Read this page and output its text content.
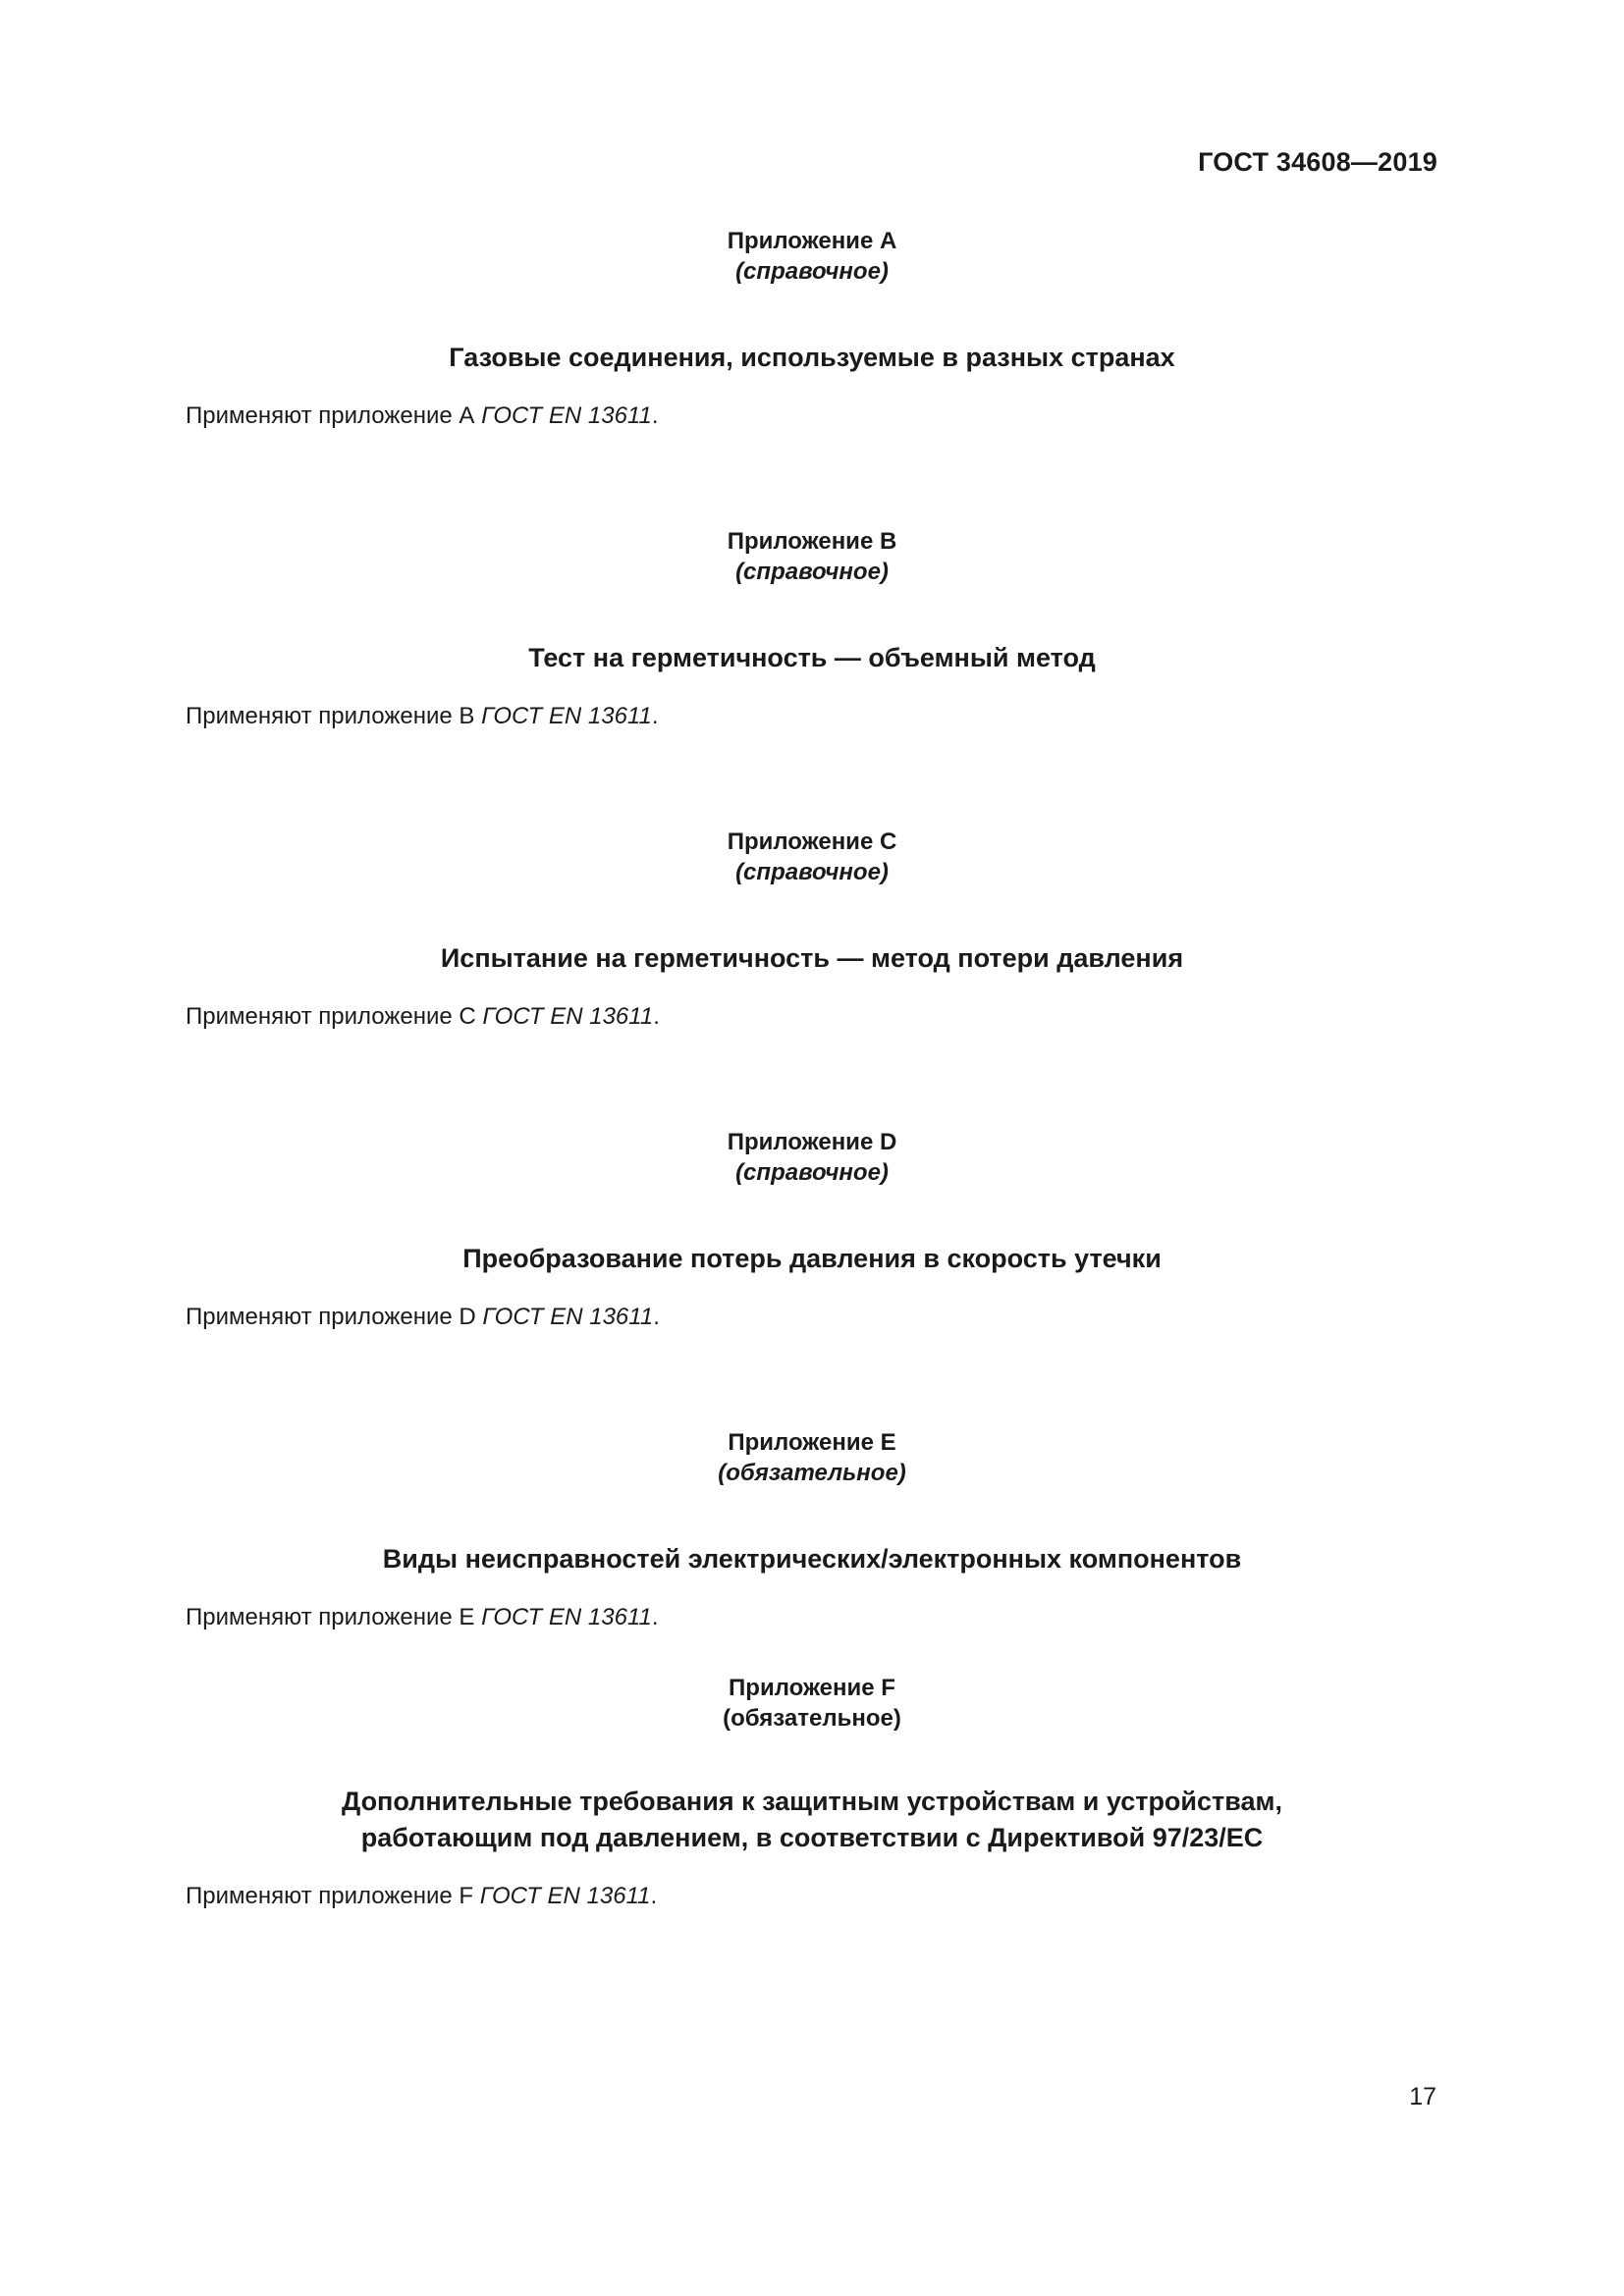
ГОСТ 34608—2019
Приложение A
(справочное)
Газовые соединения, используемые в разных странах
Применяют приложение А ГОСТ EN 13611.
Приложение B
(справочное)
Тест на герметичность — объемный метод
Применяют приложение В ГОСТ EN 13611.
Приложение C
(справочное)
Испытание на герметичность — метод потери давления
Применяют приложение С ГОСТ EN 13611.
Приложение D
(справочное)
Преобразование потерь давления в скорость утечки
Применяют приложение D ГОСТ EN 13611.
Приложение E
(обязательное)
Виды неисправностей электрических/электронных компонентов
Применяют приложение Е ГОСТ EN 13611.
Приложение F
(обязательное)
Дополнительные требования к защитным устройствам и устройствам,
работающим под давлением, в соответствии с Директивой 97/23/EC
Применяют приложение F ГОСТ EN 13611.
17
